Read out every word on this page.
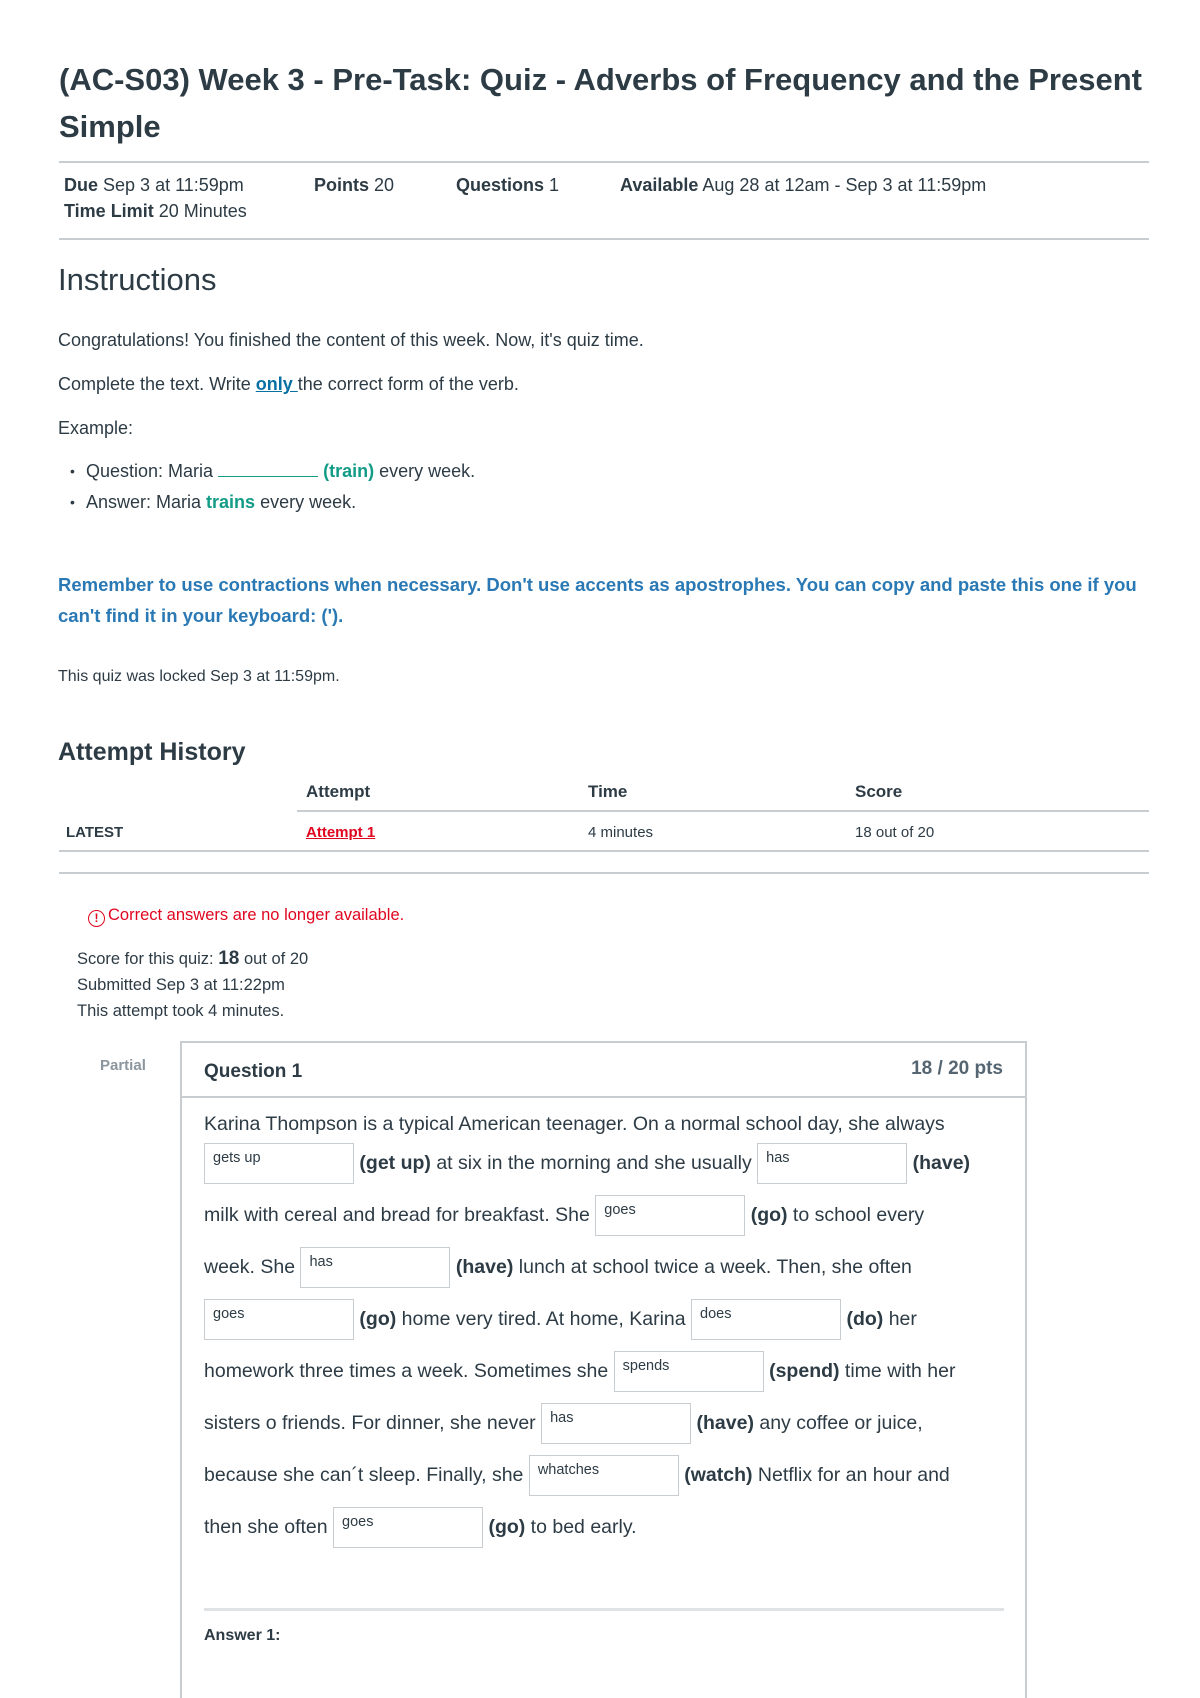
(AC-S03) Week 3 - Pre-Task: Quiz - Adverbs of Frequency and the Present Simple
Due Sep 3 at 11:59pm	Points 20	Questions 1	Available Aug 28 at 12am - Sep 3 at 11:59pm
Time Limit 20 Minutes
Instructions
Congratulations! You finished the content of this week. Now, it's quiz time.
Complete the text. Write only the correct form of the verb.
Example:
• Question: Maria	(train) every week.
• Answer: Maria trains every week.
Remember to use contractions when necessary. Don't use accents as apostrophes. You can copy and paste this one if you can't find it in your keyboard: (').
This quiz was locked Sep 3 at 11:59pm.
Attempt History
Attempt	Time	Score
LATEST	Attempt 1	4 minutes	18 out of 20
! Correct answers are no longer available.
Score for this quiz: 18 out of 20
Submitted Sep 3 at 11:22pm
This attempt took 4 minutes.
Partial	Question 1	18 / 20 pts
Karina Thompson is a typical American teenager. On a normal school day, she always
gets up	(get up) at six in the morning and she usually has	(have)
milk with cereal and bread for breakfast. She goes	(go) to school every
week. She has	(have) lunch at school twice a week. Then, she often
goes	(go) home very tired. At home, Karina does	(do) her
homework three times a week. Sometimes she spends	(spend) time with her
sisters o friends. For dinner, she never has	(have) any coffee or juice,
because she can´t sleep. Finally, she whatches	(watch) Netflix for an hour and
then she often goes	(go) to bed early.
Answer 1:
